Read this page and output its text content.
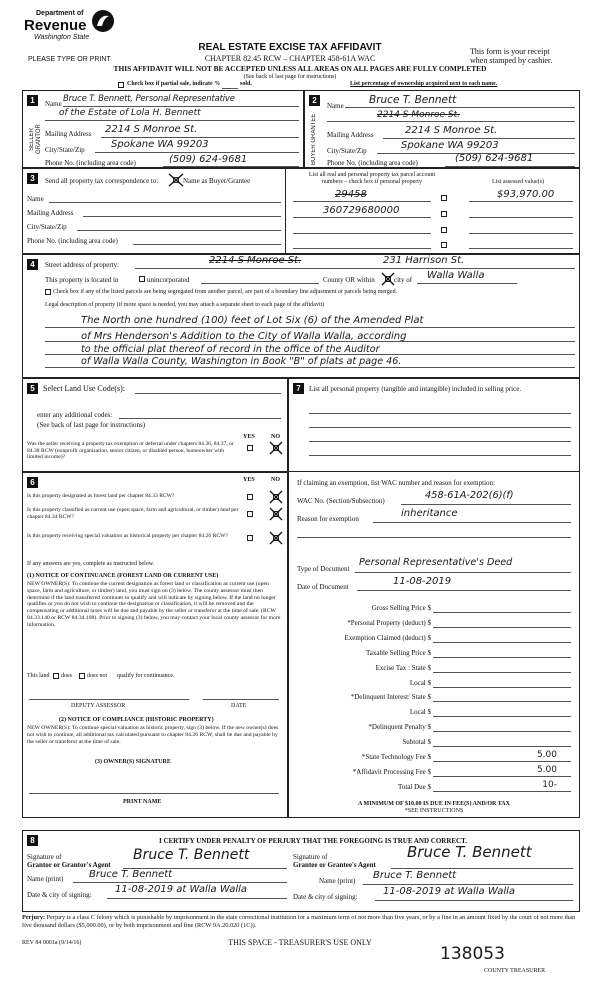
Department of
Revenue
Washington State
PLEASE TYPE OR PRINT
REAL ESTATE EXCISE TAX AFFIDAVIT
CHAPTER 82.45 RCW – CHAPTER 458-61A WAC
THIS AFFIDAVIT WILL NOT BE ACCEPTED UNLESS ALL AREAS ON ALL PAGES ARE FULLY COMPLETED
(See back of last page for instructions)
This form is your receipt
when stamped by cashier.
Check box if partial sale, indicate %	sold.	List percentage of ownership acquired next to each name.
1
SELLER GRANTOR
Name Bruce T. Bennett, Personal Representative
of the Estate of Lola H. Bennett
Mailing Address 2214 S Monroe St.
City/State/Zip	Spokane WA 99203
Phone No. (including area code)	(509) 624-9681
2
BUYER GRANTEE
Name Bruce T. Bennett
2214 S Monroe St.
Mailing Address	2214 S Monroe St.
City/State/Zip	Spokane WA 99203
Phone No. (including area code)	(509) 624-9681
3	Send all property tax correspondence to:	Name as Buyer/Grantee
Name
Mailing Address
City/State/Zip
Phone No. (including area code)
List all real and personal property tax parcel account
numbers – check box if personal property	List assessed value(s)
29458	$93,970.00
360729680000
4	Street address of property:	2214 S Monroe St.	231 Harrison St.
This property is located in	unincorporated	County OR within	city of Walla Walla
Check box if any of the listed parcels are being segregated from another parcel, are part of a boundary line adjustment or parcels being merged.
Legal description of property (if more space is needed, you may attach a separate sheet to each page of the affidavit)
The North one hundred (100) feet of Lot Six (6) of the Amended Plat
of Mrs Henderson's Addition to the City of Walla Walla, according
to the official plat thereof of record in the office of the Auditor
of Walla Walla County, Washington in Book "B" of plats at page 46.
5	Select Land Use Code(s):
enter any additional codes:
(See back of last page for instructions)
YES	NO
Was the seller receiving a property tax exemption or deferral under chapters 84.36, 84.37, or 84.38 RCW (nonprofit organization, senior citizen, or disabled person, homeowner with limited income)?
6	YES	NO
Is this property designated as forest land per chapter 84.33 RCW?
Is this property classified as current use (open space, farm and agricultural, or timber) land per chapter 84.34 RCW?
Is this property receiving special valuation as historical property per chapter 84.26 RCW?
If any answers are yes, complete as instructed below.
(1) NOTICE OF CONTINUANCE (FOREST LAND OR CURRENT USE)
NEW OWNER(S): To continue the current designation as forest land or classification as current use (open space, farm and agriculture, or timber) land, you must sign on (3) below. The county assessor must then determine if the land transferred continues to qualify and will indicate by signing below. If the land no longer qualifies or you do not wish to continue the designation or classification, it will be removed and the compensating or additional taxes will be due and payable by the seller or transferor at the time of sale. (RCW 84.33.140 or RCW 84.34.108). Prior to signing (3) below, you may contact your local county assessor for more information.
This land does	does not qualify for continuance.
DEPUTY ASSESSOR	DATE
(2) NOTICE OF COMPLIANCE (HISTORIC PROPERTY)
NEW OWNER(S): To continue special valuation as historic property, sign (3) below. If the new owner(s) does not wish to continue, all additional tax calculated pursuant to chapter 84.26 RCW, shall be due and payable by the seller or transferor at the time of sale.
(3) OWNER(S) SIGNATURE
PRINT NAME
7	List all personal property (tangible and intangible) included in selling price.
If claiming an exemption, list WAC number and reason for exemption:
WAC No. (Section/Subsection)	458-61A-202(6)(f)
Reason for exemption	inheritance
Type of Document
Personal Representative's Deed
Date of Document	11-08-2019
Gross Selling Price $
*Personal Property (deduct) $
Exemption Claimed (deduct) $
Taxable Selling Price $
Excise Tax : State $
Local $
*Delinquent Interest: State $
Local $
*Delinquent Penalty $
Subtotal $
*State Technology Fee $	5.00
*Affidavit Processing Fee $	5.00
Total Due $	10-
A MINIMUM OF $10.00 IS DUE IN FEE(S) AND/OR TAX
*SEE INSTRUCTIONS
8	I CERTIFY UNDER PENALTY OF PERJURY THAT THE FOREGOING IS TRUE AND CORRECT.
Signature of
Grantor or Grantor's Agent
Bruce T. Bennett
Name (print)	Bruce T. Bennett
Date & city of signing: 11-08-2019 at Walla Walla
Signature of
Grantee or Grantee's Agent
Bruce T. Bennett
Name (print) Bruce T. Bennett
Date & city of signing:	11-08-2019 at Walla Walla
Perjury: Perjury is a class C felony which is punishable by imprisonment in the state correctional institution for a maximum term of not more than five years, or by a fine in an amount fixed by the court of not more than five thousand dollars ($5,000.00), or by both imprisonment and fine (RCW 9A.20.020 (1C)).
REV 84 0001a (9/14/16)	THIS SPACE - TREASURER'S USE ONLY
138053
COUNTY TREASURER
